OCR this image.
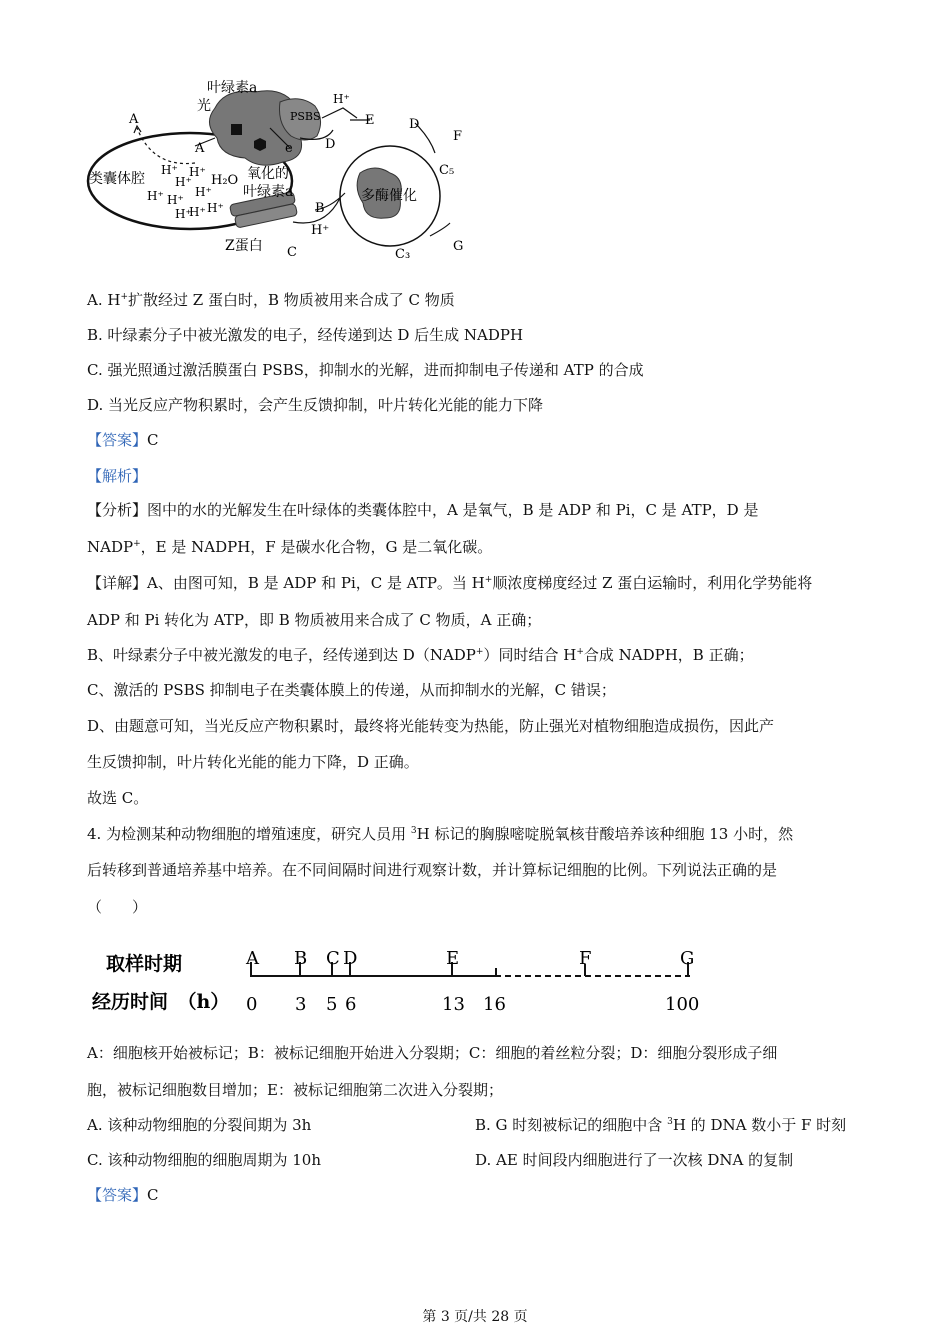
叶绿素a
光
PSBS
H⁺
A
A	e D
E	D
F
C₅
类囊体腔	H₂O 氧化的
叶绿素a	多酶催化
B
H⁺
Z蛋白 C	C₃
G
H⁺
H⁺
H⁺
H⁺ H⁺
H⁺
H⁺ H⁺
H⁺
A. H+扩散经过 Z 蛋白时，B 物质被用来合成了 C 物质
B. 叶绿素分子中被光激发的电子，经传递到达 D 后生成 NADPH
C. 强光照通过激活膜蛋白 PSBS，抑制水的光解，进而抑制电子传递和 ATP 的合成
D. 当光反应产物积累时，会产生反馈抑制，叶片转化光能的能力下降
【答案】C
【解析】
【分析】图中的水的光解发生在叶绿体的类囊体腔中，A 是氧气，B 是 ADP 和 Pi，C 是 ATP，D 是
NADP+，E 是 NADPH，F 是碳水化合物，G 是二氧化碳。
【详解】A、由图可知，B 是 ADP 和 Pi，C 是 ATP。当 H+顺浓度梯度经过 Z 蛋白运输时，利用化学势能将
ADP 和 Pi 转化为 ATP，即 B 物质被用来合成了 C 物质，A 正确；
B、叶绿素分子中被光激发的电子，经传递到达 D（NADP+）同时结合 H+合成 NADPH，B 正确；
C、激活的 PSBS 抑制电子在类囊体膜上的传递，从而抑制水的光解，C 错误；
D、由题意可知，当光反应产物积累时，最终将光能转变为热能，防止强光对植物细胞造成损伤，因此产
生反馈抑制，叶片转化光能的能力下降，D 正确。
故选 C。
4. 为检测某种动物细胞的增殖速度，研究人员用 $^3$H 标记的胸腺嘧啶脱氧核苷酸培养该种细胞 13 小时，然
后转移到普通培养基中培养。在不同间隔时间进行观察计数，并计算标记细胞的比例。下列说法正确的是
（　　）
取样时期
经历时间　（h）
A B C D	E	F	G
0 3 5 6	13 16	100
A：细胞核开始被标记；B：被标记细胞开始进入分裂期；C：细胞的着丝粒分裂；D：细胞分裂形成子细
胞，被标记细胞数目增加；E：被标记细胞第二次进入分裂期；
A. 该种动物细胞的分裂间期为 3h	B. G 时刻被标记的细胞中含 $^3$H 的 DNA 数小于 F 时刻
C. 该种动物细胞的细胞周期为 10h	D. AE 时间段内细胞进行了一次核 DNA 的复制
【答案】C
第 3 页/共 28 页
